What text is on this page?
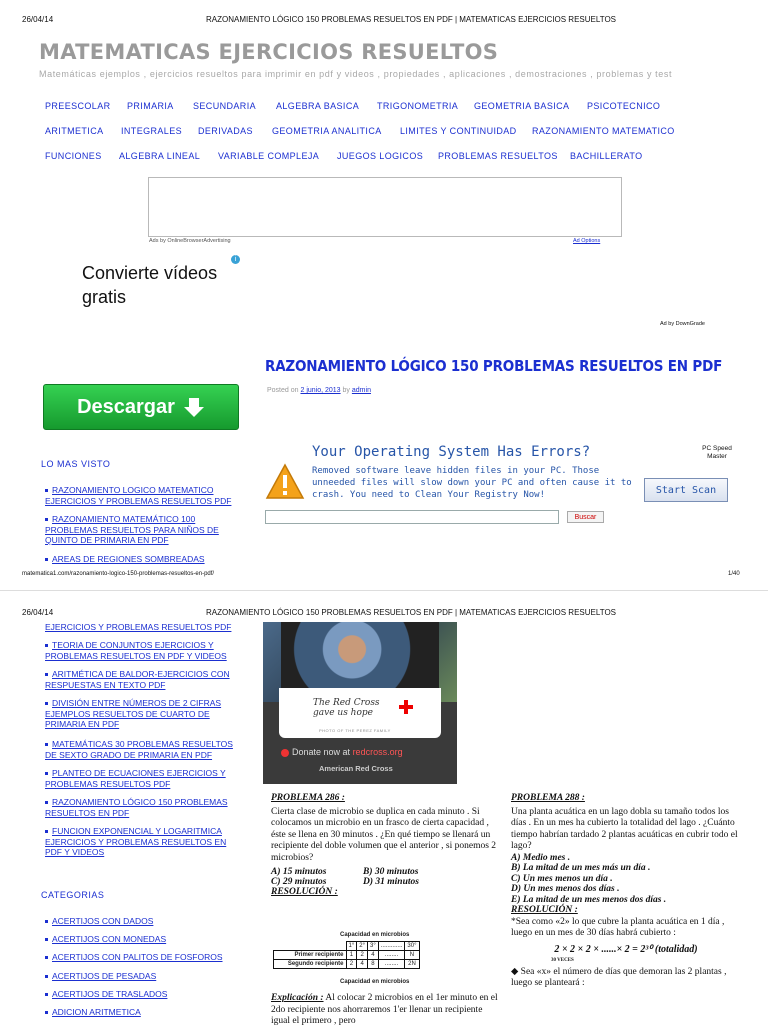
26/04/14	RAZONAMIENTO LÓGICO 150 PROBLEMAS RESUELTOS EN PDF | MATEMATICAS EJERCICIOS RESUELTOS
MATEMATICAS EJERCICIOS RESUELTOS
Matemáticas ejemplos , ejercicios resueltos para imprimir en pdf y videos , propiedades , aplicaciones , demostraciones , problemas y test
PREESCOLAR PRIMARIA SECUNDARIA ALGEBRA BASICA TRIGONOMETRIA GEOMETRIA BASICA PSICOTECNICO
ARITMETICA INTEGRALES DERIVADAS GEOMETRIA ANALITICA LIMITES Y CONTINUIDAD RAZONAMIENTO MATEMATICO
FUNCIONES ALGEBRA LINEAL VARIABLE COMPLEJA JUEGOS LOGICOS PROBLEMAS RESUELTOS BACHILLERATO
Ads by OnlineBrowserAdvertising	Ad Options
Convierte vídeos gratis
i
Ad by DownGrade
Descargar
RAZONAMIENTO LÓGICO 150 PROBLEMAS RESUELTOS EN PDF
Posted on 2 junio, 2013 by admin
Your Operating System Has Errors?	PC Speed Master
Removed software leave hidden files in your PC. Those unneeded files will slow down your PC and often cause it to crash. You need to Clean Your Registry Now!	Start Scan
Buscar
LO MAS VISTO
RAZONAMIENTO LOGICO MATEMATICO EJERCICIOS Y PROBLEMAS RESUELTOS PDF
RAZONAMIENTO MATEMÁTICO 100 PROBLEMAS RESUELTOS PARA NIÑOS DE QUINTO DE PRIMARIA EN PDF
AREAS DE REGIONES SOMBREADAS
matematica1.com/razonamiento-logico-150-problemas-resueltos-en-pdf/	1/40
26/04/14	RAZONAMIENTO LÓGICO 150 PROBLEMAS RESUELTOS EN PDF | MATEMATICAS EJERCICIOS RESUELTOS
EJERCICIOS Y PROBLEMAS RESUELTOS PDF
TEORIA DE CONJUNTOS EJERCICIOS Y PROBLEMAS RESUELTOS EN PDF Y VIDEOS
ARITMÉTICA DE BALDOR-EJERCICIOS CON RESPUESTAS EN TEXTO PDF
DIVISIÓN ENTRE NÚMEROS DE 2 CIFRAS EJEMPLOS RESUELTOS DE CUARTO DE PRIMARIA EN PDF
MATEMÁTICAS 30 PROBLEMAS RESUELTOS DE SEXTO GRADO DE PRIMARIA EN PDF
PLANTEO DE ECUACIONES EJERCICIOS Y PROBLEMAS RESUELTOS PDF
RAZONAMIENTO LÓGICO 150 PROBLEMAS RESUELTOS EN PDF
FUNCION EXPONENCIAL Y LOGARITMICA EJERCICIOS Y PROBLEMAS RESUELTOS EN PDF Y VIDEOS
CATEGORIAS
ACERTIJOS CON DADOS
ACERTIJOS CON MONEDAS
ACERTIJOS CON PALITOS DE FOSFOROS
ACERTIJOS DE PESADAS
ACERTIJOS DE TRASLADOS
ADICION ARITMETICA
The Red Cross gave us hope
PHOTO OF THE PEREZ FAMILY
Donate now at redcross.org
American Red Cross
PROBLEMA 286 :
Cierta clase de microbio se duplica en cada minuto . Si colocamos un microbio en un frasco de cierta capacidad , éste se llena en 30 minutos . ¿En qué tiempo se llenará un recipiente del doble volumen que el anterior , si ponemos 2 microbios?
A) 15 minutos	B) 30 minutos
C) 29 minutos	D) 31 minutos
RESOLUCIÓN :
Capacidad en microbios
	1°	2°	3°	.............	30°
Primer recipiente	1	2	4	........	N
Segundo recipiente	2	4	8	........	2N
Capacidad en microbios
Explicación : Al colocar 2 microbios en el 1er minuto en el 2do recipiente nos ahorraremos 1'er llenar un recipiente igual el primero , pero
PROBLEMA 288 :
Una planta acuática en un lago dobla su tamaño todos los días . En un mes ha cubierto la totalidad del lago . ¿Cuánto tiempo habrían tardado 2 plantas acuáticas en cubrir todo el lago?
A) Medio mes .
B) La mitad de un mes más un día .
C) Un mes menos un día .
D) Un mes menos dos días .
E) La mitad de un mes menos dos días .
RESOLUCIÓN :
*Sea como «2» lo que cubre la planta acuática en 1 día , luego en un mes de 30 días habrá cubierto :
2 × 2 × 2 × ......× 2 = 2³⁰ (totalidad)
30 VECES
◆ Sea «x» el número de días que demoran las 2 plantas , luego se planteará :
